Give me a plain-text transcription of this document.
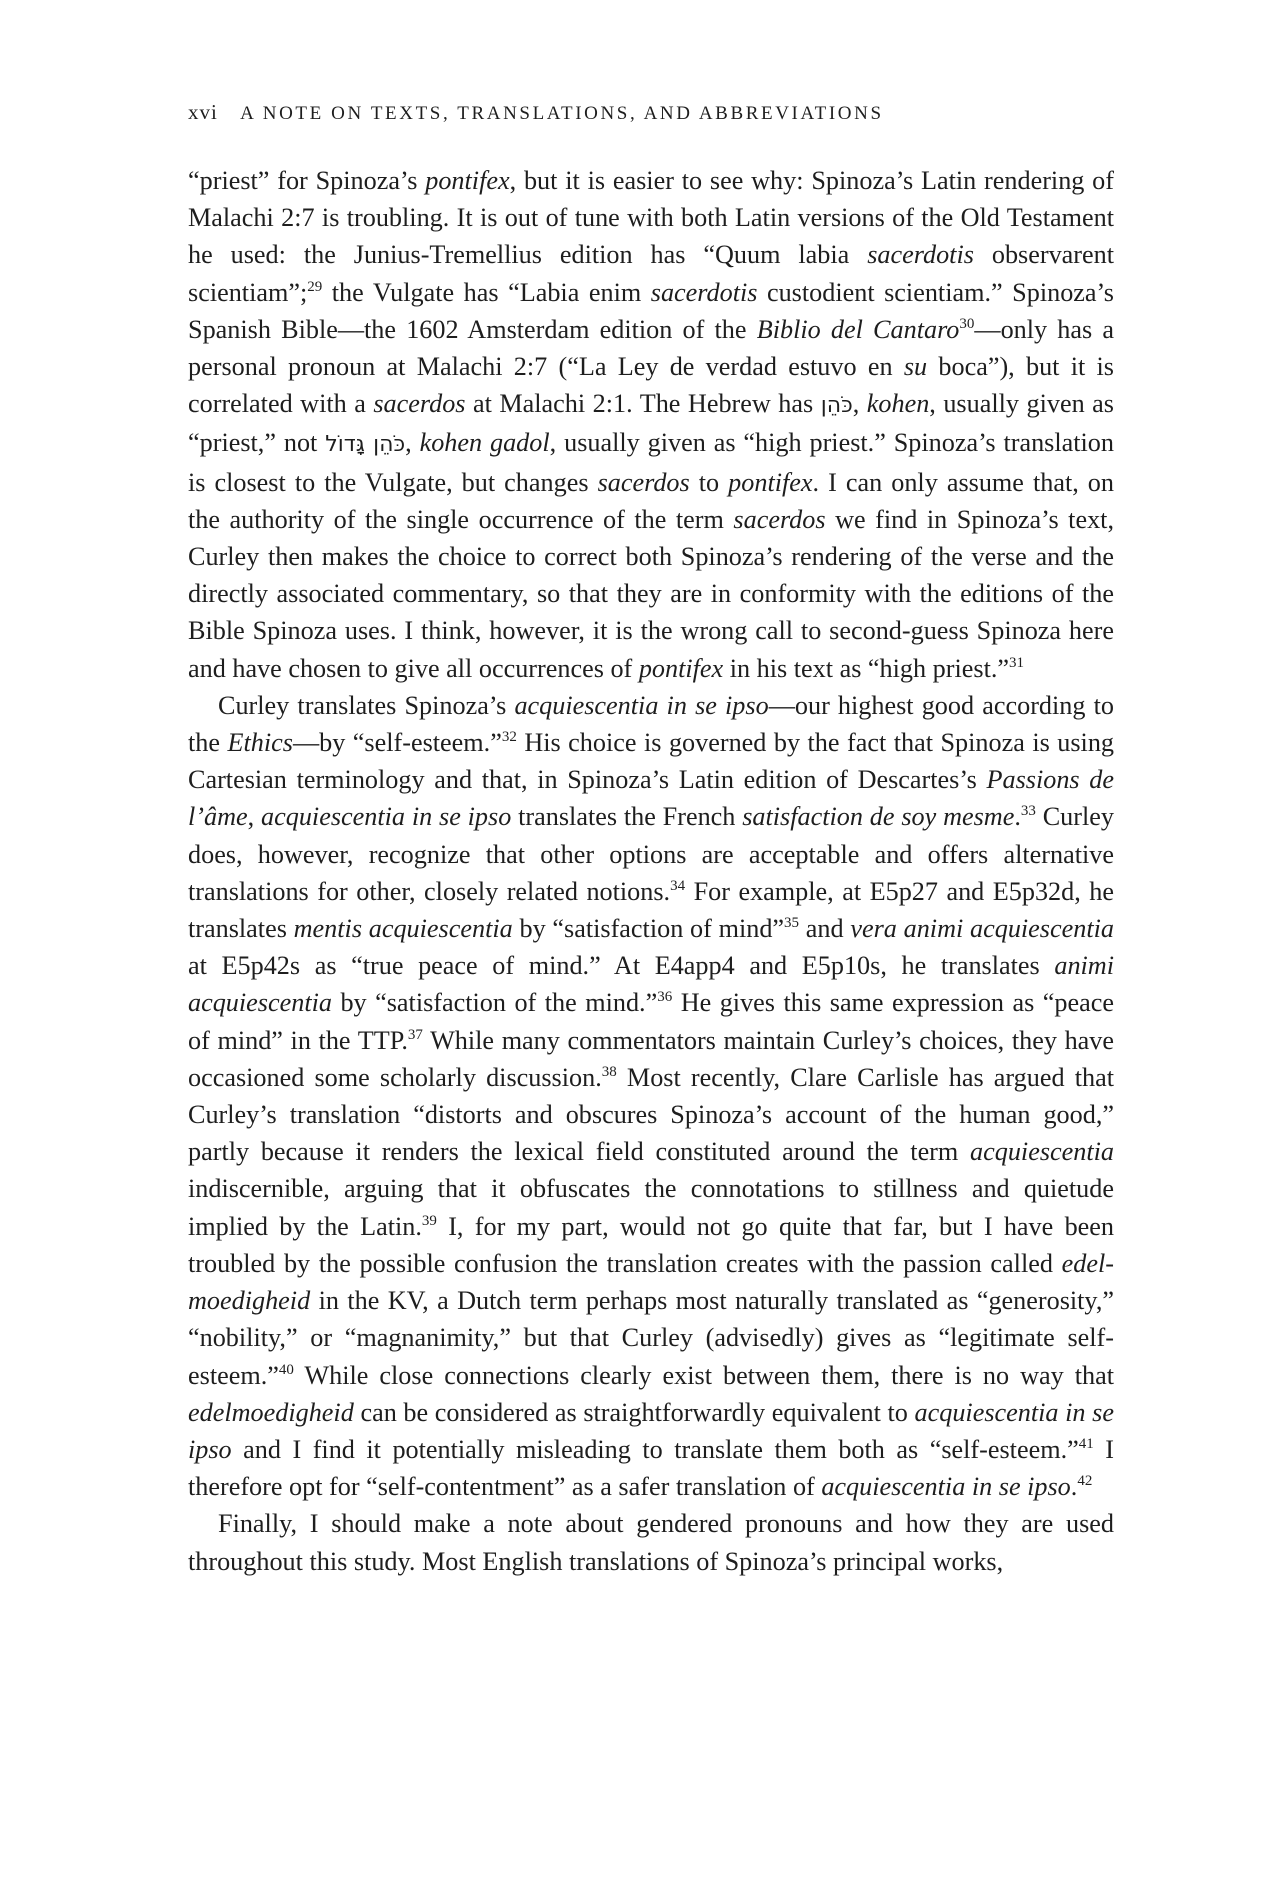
xvi A NOTE ON TEXTS, TRANSLATIONS, AND ABBREVIATIONS

“priest” for Spinoza’s pontifex, but it is easier to see why: Spinoza’s Latin rendering of Malachi 2:7 is troubling. It is out of tune with both Latin versions of the Old Testament he used: the Junius-Tremellius edition has “Quum labia sacerdotis observarent scientiam”;$^{29}$ the Vulgate has “Labia enim sacerdotis custodient scientiam.” Spinoza’s Spanish Bible—the 1602 Amsterdam edition of the Biblio del Cantaro$^{30}$—only has a personal pronoun at Malachi 2:7 (“La Ley de verdad estuvo en su boca”), but it is correlated with a sacerdos at Malachi 2:1. The Hebrew has כֹּהֵן, kohen, usually given as “priest,” not כֹּהֵן גָּדוֹל, kohen gadol, usually given as “high priest.” Spinoza’s translation is closest to the Vulgate, but changes sacerdos to pontifex. I can only assume that, on the authority of the single occurrence of the term sacerdos we find in Spinoza’s text, Curley then makes the choice to correct both Spinoza’s rendering of the verse and the directly associated commentary, so that they are in conformity with the editions of the Bible Spinoza uses. I think, however, it is the wrong call to second-guess Spinoza here and have chosen to give all occurrences of pontifex in his text as “high priest.”$^{31}$

Curley translates Spinoza’s acquiescentia in se ipso—our highest good according to the Ethics—by “self-esteem.”$^{32}$ His choice is governed by the fact that Spinoza is using Cartesian terminology and that, in Spinoza’s Latin edition of Descartes’s Passions de l’âme, acquiescentia in se ipso translates the French satisfaction de soy mesme.$^{33}$ Curley does, however, recognize that other options are acceptable and offers alternative translations for other, closely related notions.$^{34}$ For example, at E5p27 and E5p32d, he translates mentis acquiescentia by “satisfaction of mind”$^{35}$ and vera animi acquiescentia at E5p42s as “true peace of mind.” At E4app4 and E5p10s, he translates animi acquiescentia by “satisfaction of the mind.”$^{36}$ He gives this same expression as “peace of mind” in the TTP.$^{37}$ While many commentators maintain Curley’s choices, they have occasioned some scholarly discussion.$^{38}$ Most recently, Clare Carlisle has argued that Curley’s translation “distorts and obscures Spinoza’s account of the human good,” partly because it renders the lexical field constituted around the term acquiescentia indiscernible, arguing that it obfuscates the connotations to stillness and quietude implied by the Latin.$^{39}$ I, for my part, would not go quite that far, but I have been troubled by the possible confusion the translation creates with the passion called edelmoedigheid in the KV, a Dutch term perhaps most naturally translated as “generosity,” “nobility,” or “magnanimity,” but that Curley (advisedly) gives as “legitimate self-esteem.”$^{40}$ While close connections clearly exist between them, there is no way that edelmoedigheid can be considered as straightforwardly equivalent to acquiescentia in se ipso and I find it potentially misleading to translate them both as “self-esteem.”$^{41}$ I therefore opt for “self-contentment” as a safer translation of acquiescentia in se ipso.$^{42}$

Finally, I should make a note about gendered pronouns and how they are used throughout this study. Most English translations of Spinoza’s principal works,
